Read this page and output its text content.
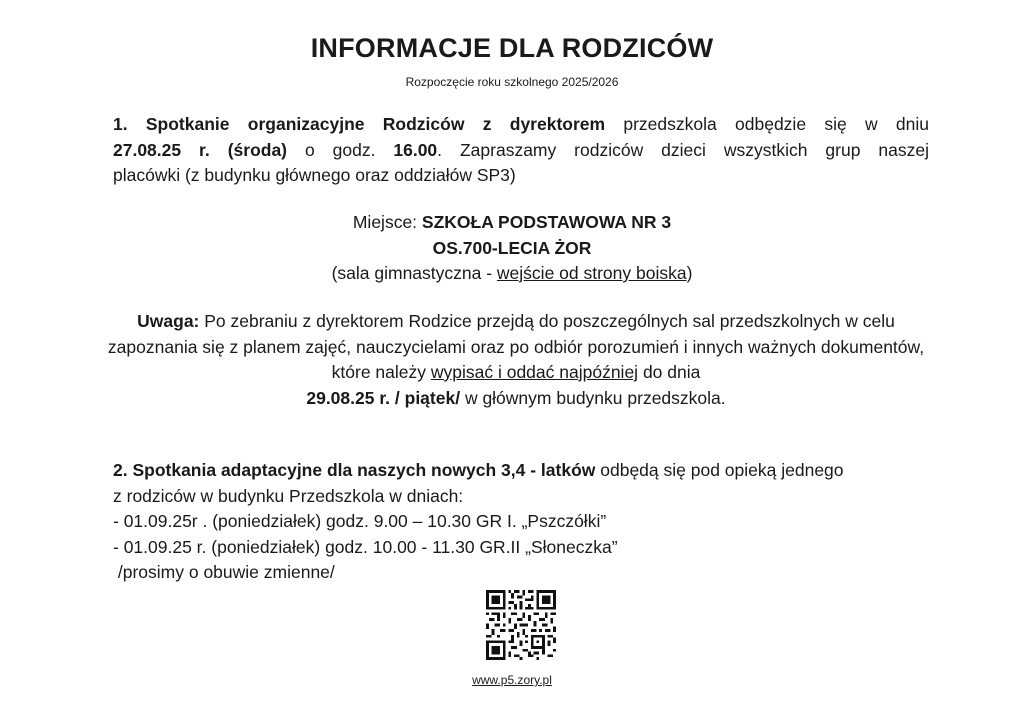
INFORMACJE DLA RODZICÓW
Rozpoczęcie roku szkolnego 2025/2026
1. Spotkanie organizacyjne Rodziców z dyrektorem przedszkola odbędzie się w dniu
27.08.25 r. (środa) o godz. 16.00. Zapraszamy rodziców dzieci wszystkich grup naszej
placówki (z budynku głównego oraz oddziałów SP3)
Miejsce: SZKOŁA PODSTAWOWA NR 3
OS.700-LECIA ŻOR
(sala gimnastyczna - wejście od strony boiska)
Uwaga: Po zebraniu z dyrektorem Rodzice przejdą do poszczególnych sal przedszkolnych w celu zapoznania się z planem zajęć, nauczycielami oraz po odbiór porozumień i innych ważnych dokumentów, które należy wypisać i oddać najpóźniej do dnia
29.08.25 r. / piątek/ w głównym budynku przedszkola.
2. Spotkania adaptacyjne dla naszych nowych 3,4 - latków odbędą się pod opieką jednego
z rodziców w budynku Przedszkola w dniach:
- 01.09.25r . (poniedziałek) godz. 9.00 – 10.30 GR I. „Pszczółki”
- 01.09.25 r. (poniedziałek) godz. 10.00 - 11.30 GR.II „Słoneczka”
/prosimy o obuwie zmienne/
www.p5.zory.pl
